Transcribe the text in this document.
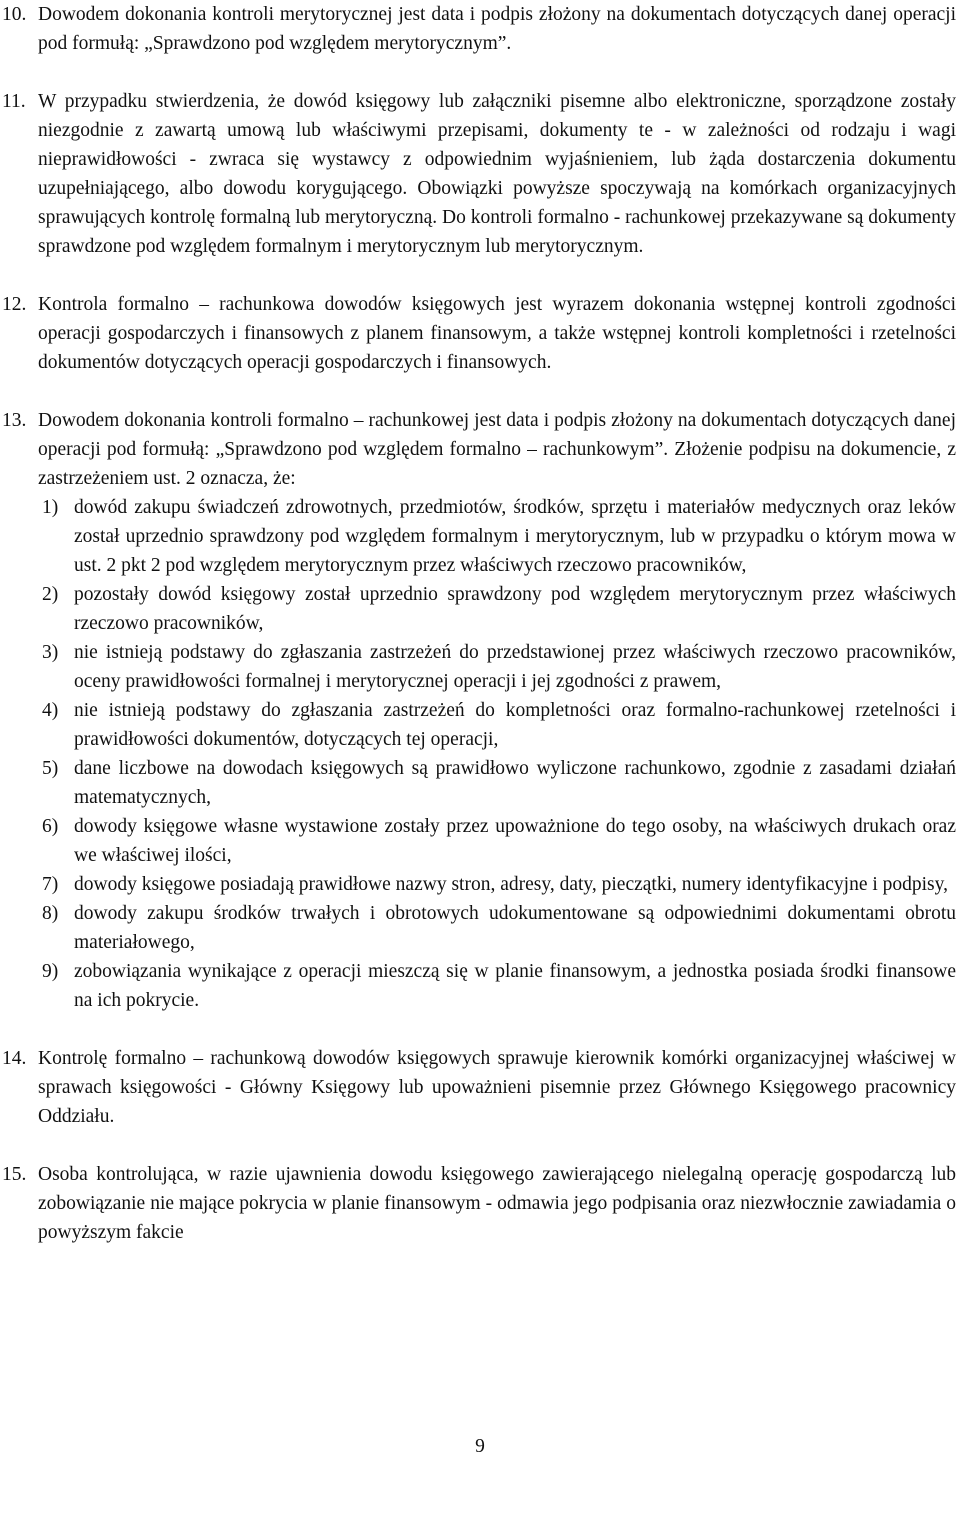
10. Dowodem dokonania kontroli merytorycznej jest data i podpis złożony na dokumentach dotyczących danej operacji pod formułą: „Sprawdzono pod względem merytorycznym”.
11. W przypadku stwierdzenia, że dowód księgowy lub załączniki pisemne albo elektroniczne, sporządzone zostały niezgodnie z zawartą umową lub właściwymi przepisami, dokumenty te - w zależności od rodzaju i wagi nieprawidłowości - zwraca się wystawcy z odpowiednim wyjaśnieniem, lub żąda dostarczenia dokumentu uzupełniającego, albo dowodu korygującego. Obowiązki powyższe spoczywają na komórkach organizacyjnych sprawujących kontrolę formalną lub merytoryczną. Do kontroli formalno - rachunkowej przekazywane są dokumenty sprawdzone pod względem formalnym i merytorycznym lub merytorycznym.
12. Kontrola formalno – rachunkowa dowodów księgowych jest wyrazem dokonania wstępnej kontroli zgodności operacji gospodarczych i finansowych z planem finansowym, a także wstępnej kontroli kompletności i rzetelności dokumentów dotyczących operacji gospodarczych i finansowych.
13. Dowodem dokonania kontroli formalno – rachunkowej jest data i podpis złożony na dokumentach dotyczących danej operacji pod formułą: „Sprawdzono pod względem formalno – rachunkowym”. Złożenie podpisu na dokumencie, z zastrzeżeniem ust. 2 oznacza, że:
1) dowód zakupu świadczeń zdrowotnych, przedmiotów, środków, sprzętu i materiałów medycznych oraz leków został uprzednio sprawdzony pod względem formalnym i merytorycznym, lub w przypadku o którym mowa w ust. 2 pkt 2 pod względem merytorycznym przez właściwych rzeczowo pracowników,
2) pozostały dowód księgowy został uprzednio sprawdzony pod względem merytorycznym przez właściwych rzeczowo pracowników,
3) nie istnieją podstawy do zgłaszania zastrzeżeń do przedstawionej przez właściwych rzeczowo pracowników, oceny prawidłowości formalnej i merytorycznej operacji i jej zgodności z prawem,
4) nie istnieją podstawy do zgłaszania zastrzeżeń do kompletności oraz formalno-rachunkowej rzetelności i prawidłowości dokumentów, dotyczących tej operacji,
5) dane liczbowe na dowodach księgowych są prawidłowo wyliczone rachunkowo, zgodnie z zasadami działań matematycznych,
6) dowody księgowe własne wystawione zostały przez upoważnione do tego osoby, na właściwych drukach oraz we właściwej ilości,
7) dowody księgowe posiadają prawidłowe nazwy stron, adresy, daty, pieczątki, numery identyfikacyjne i podpisy,
8) dowody zakupu środków trwałych i obrotowych udokumentowane są odpowiednimi dokumentami obrotu materiałowego,
9) zobowiązania wynikające z operacji mieszczą się w planie finansowym, a jednostka posiada środki finansowe na ich pokrycie.
14. Kontrolę formalno – rachunkową dowodów księgowych sprawuje kierownik komórki organizacyjnej właściwej w sprawach księgowości - Główny Księgowy lub upoważnieni pisemnie przez Głównego Księgowego pracownicy Oddziału.
15. Osoba kontrolująca, w razie ujawnienia dowodu księgowego zawierającego nielegalną operację gospodarczą lub zobowiązanie nie mające pokrycia w planie finansowym - odmawia jego podpisania oraz niezwłocznie zawiadamia o powyższym fakcie
9
